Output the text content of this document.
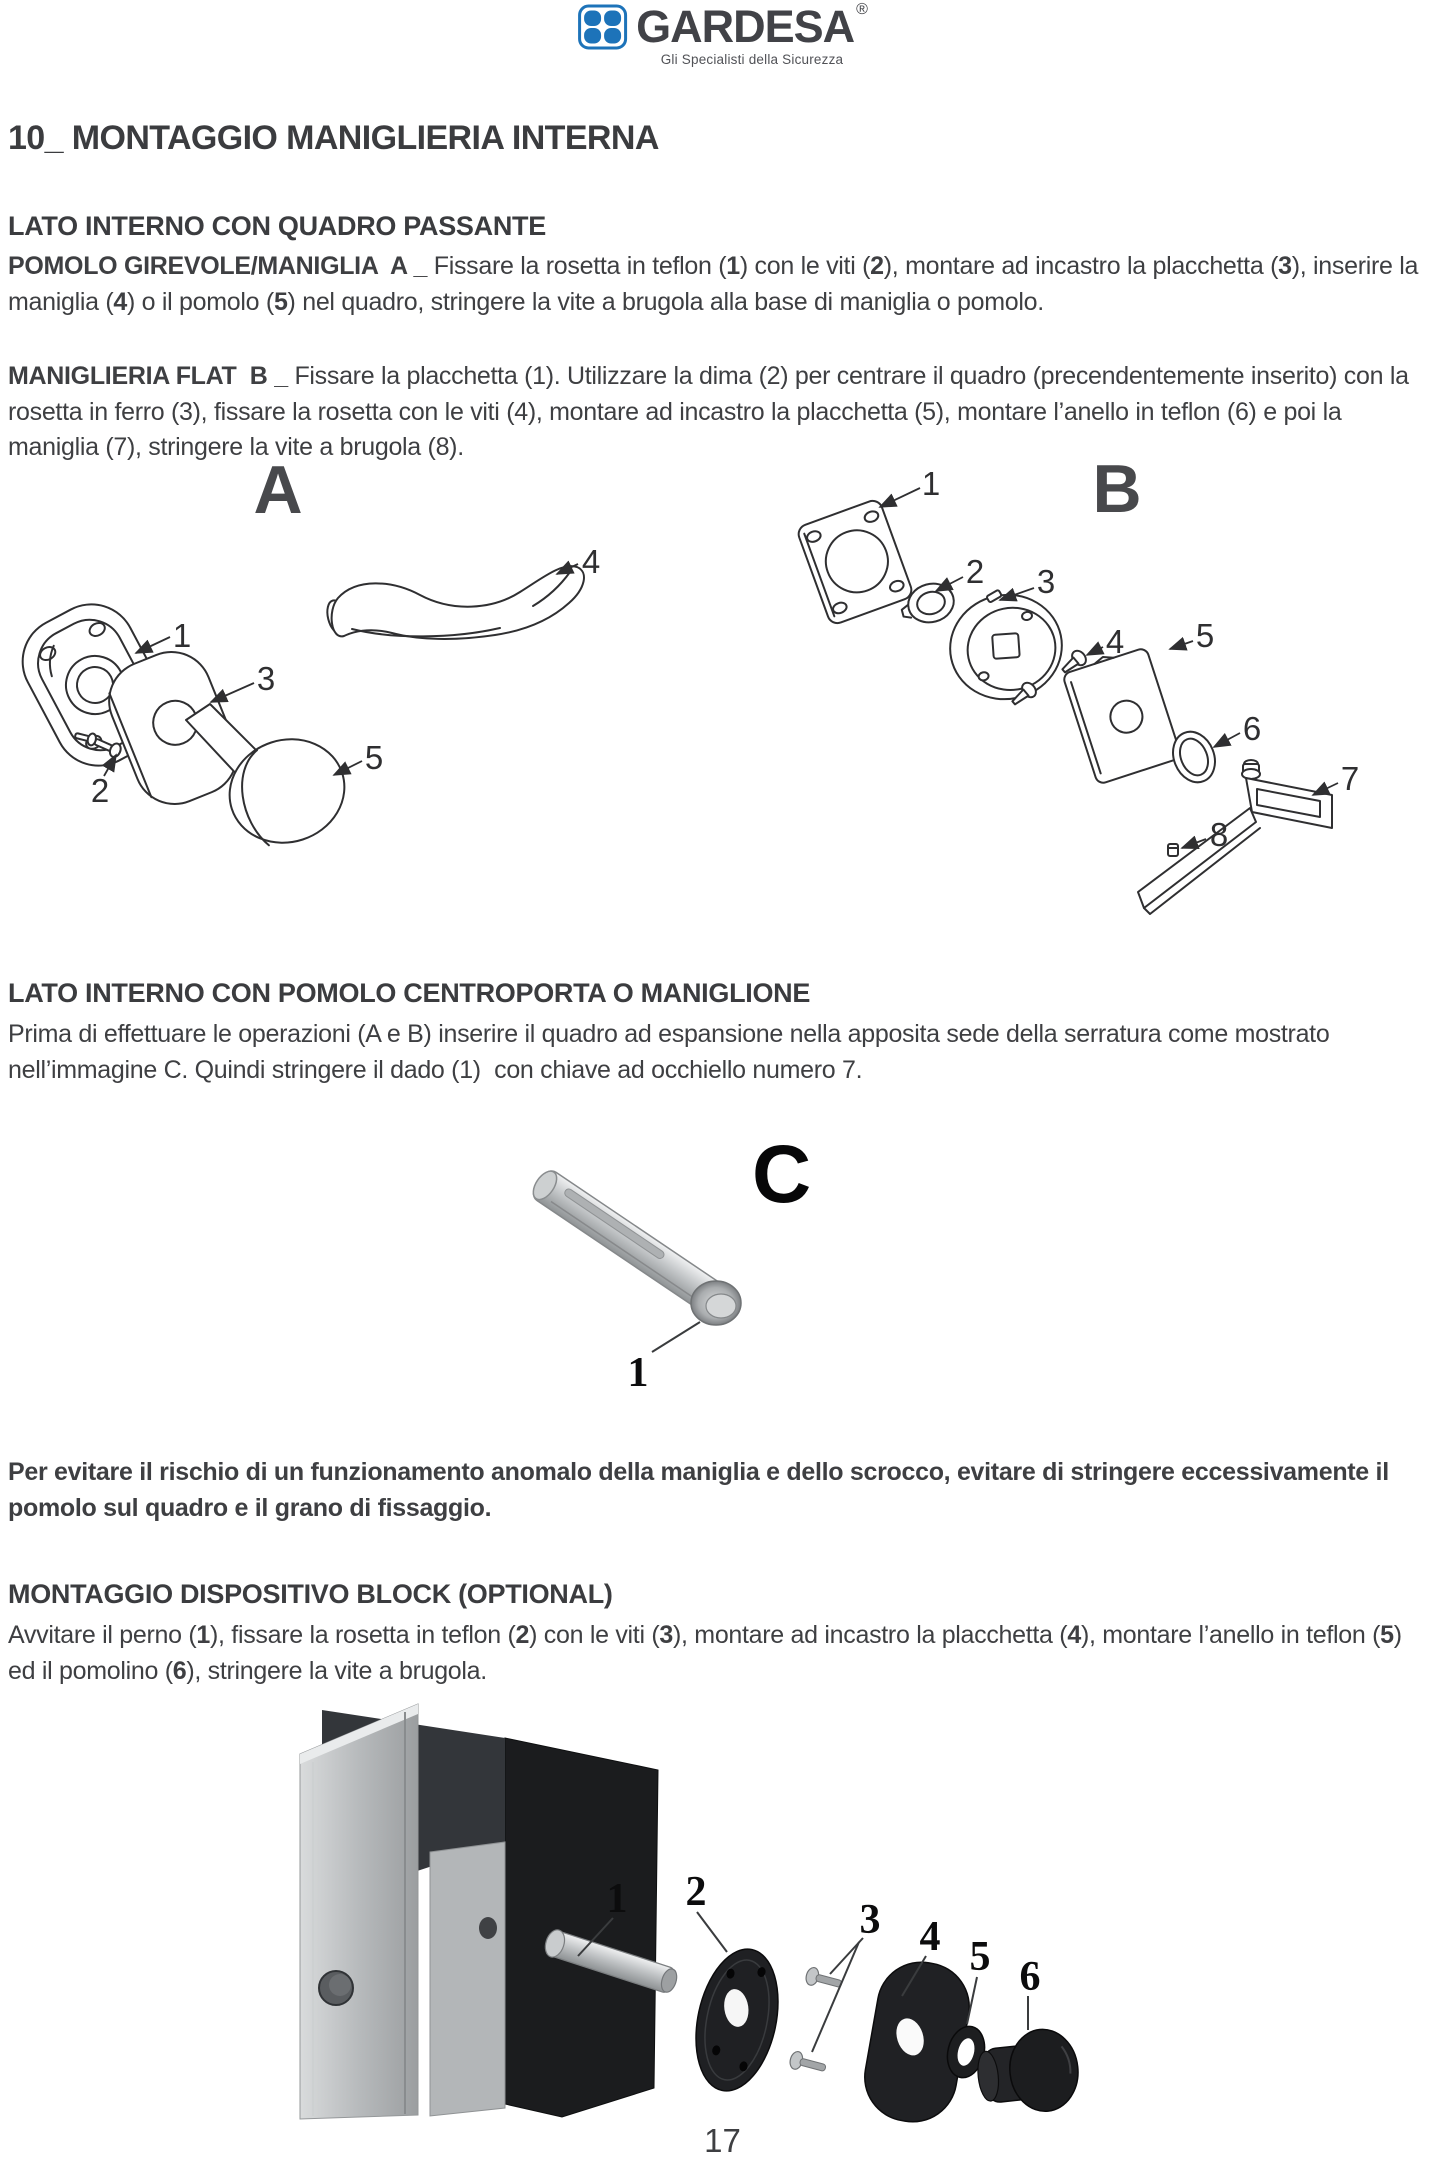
GARDESA ®
Gli Specialisti della Sicurezza
10_ MONTAGGIO MANIGLIERIA INTERNA
LATO INTERNO CON QUADRO PASSANTE

POMOLO GIREVOLE/MANIGLIA  A _ Fissare la rosetta in teflon (1) con le viti (2), montare ad incastro la placchetta (3), inserire la maniglia (4) o il pomolo (5) nel quadro, stringere la vite a brugola alla base di maniglia o pomolo.

MANIGLIERIA FLAT  B _ Fissare la placchetta (1). Utilizzare la dima (2) per centrare il quadro (precendentemente inserito) con la rosetta in ferro (3), fissare la rosetta con le viti (4), montare ad incastro la placchetta (5), montare l’anello in teflon (6) e poi la maniglia (7), stringere la vite a brugola (8).

A
1
2
3
4
5
B
1
2 3
4 5
6
7
8
LATO INTERNO CON POMOLO CENTROPORTA O MANIGLIONE

Prima di effettuare le operazioni (A e B) inserire il quadro ad espansione nella apposita sede della serratura come mostrato nell’immagine C. Quindi stringere il dado (1)  con chiave ad occhiello numero 7.

C
1

Per evitare il rischio di un funzionamento anomalo della maniglia e dello scrocco, evitare di stringere eccessivamente il pomolo sul quadro e il grano di fissaggio.

MONTAGGIO DISPOSITIVO BLOCK (OPTIONAL)

Avvitare il perno (1), fissare la rosetta in teflon (2) con le viti (3), montare ad incastro la placchetta (4), montare l’anello in teflon (5) ed il pomolino (6), stringere la vite a brugola.

1 2
3 4 5 6
17
